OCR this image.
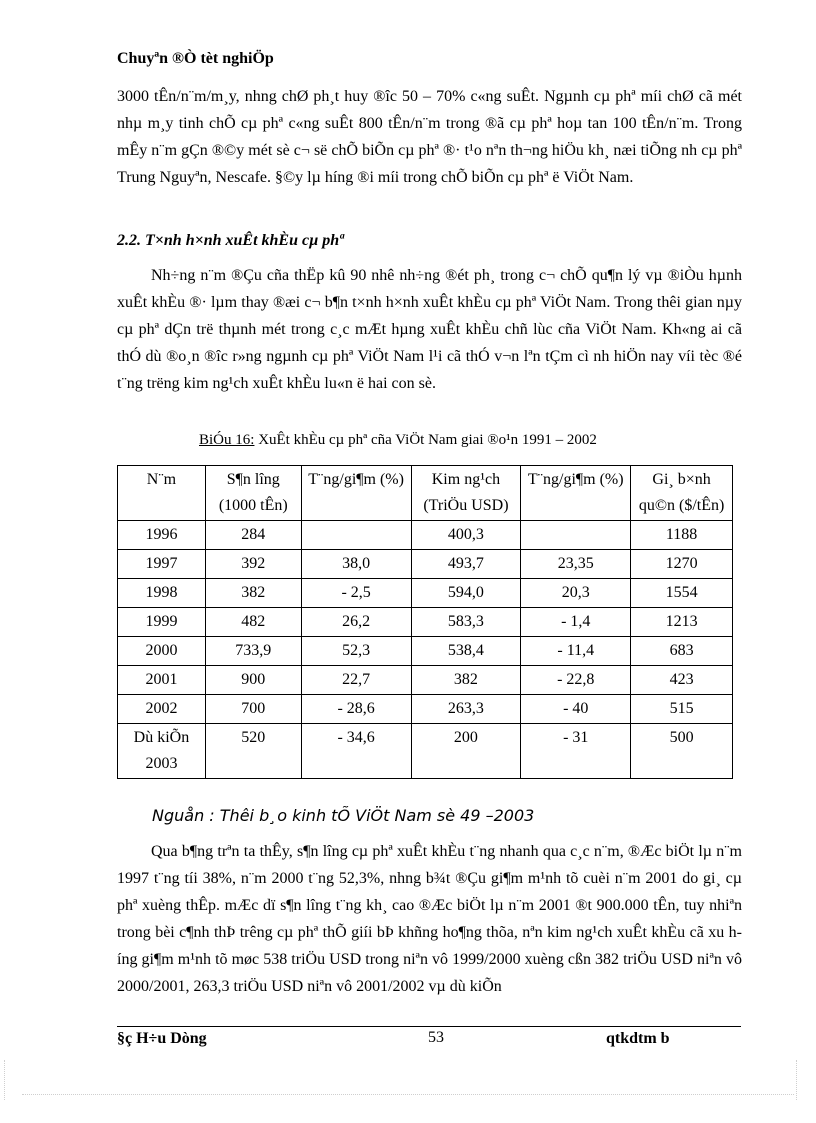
Chuyªn ®Ò tèt nghiÖp
3000 tÊn/n¨m/m¸y, nhng chØ ph¸t huy ®îc 50 – 70% c«ng suÊt. Ngµnh cµ phª míi chØ cã mét nhµ m¸y tinh chÕ cµ phª c«ng suÊt 800 tÊn/n¨m trong ®ã cµ phª hoµ tan 100 tÊn/n¨m. Trong mÊy n¨m gÇn ®©y mét sè c¬ së chÕ biÕn cµ phª ®· t¹o nªn th¬ng hiÖu kh¸ næi tiÕng nh cµ phª Trung Nguyªn, Nescafe. §©y lµ híng ®i míi trong chÕ biÕn cµ phª ë ViÖt Nam.
2.2. T×nh h×nh xuÊt khÈu cµ phª
Nh÷ng n¨m ®Çu cña thËp kû 90 nhê nh÷ng ®ét ph¸ trong c¬ chÕ qu¶n lý vµ ®iÒu hµnh xuÊt khÈu ®· lµm thay ®æi c¬ b¶n t×nh h×nh xuÊt khÈu cµ phª ViÖt Nam. Trong thêi gian nµy cµ phª dÇn trë thµnh mét trong c¸c mÆt hµng xuÊt khÈu chñ lùc cña ViÖt Nam. Kh«ng ai cã thÓ dù ®o¸n ®îc r»ng ngµnh cµ phª ViÖt Nam l¹i cã thÓ v¬n lªn tÇm cì nh hiÖn nay víi tèc ®é t¨ng trëng kim ng¹ch xuÊt khÈu lu«n ë hai con sè.
BiÓu 16: XuÊt khÈu cµ phª cña ViÖt Nam giai ®o¹n 1991 – 2002
N¨m	S¶n lîng (1000 tÊn)	T¨ng/gi¶m (%)	Kim ng¹ch (TriÖu USD)	T¨ng/gi¶m (%)	Gi¸ b×nh qu©n ($/tÊn)
1996	284		400,3		1188
1997	392	38,0	493,7	23,35	1270
1998	382	- 2,5	594,0	20,3	1554
1999	482	26,2	583,3	- 1,4	1213
2000	733,9	52,3	538,4	- 11,4	683
2001	900	22,7	382	- 22,8	423
2002	700	- 28,6	263,3	- 40	515
Dù kiÕn 2003	520	- 34,6	200	- 31	500
Nguån : Thêi b¸o kinh tÕ ViÖt Nam sè 49 –2003
Qua b¶ng trªn ta thÊy, s¶n lîng cµ phª xuÊt khÈu t¨ng nhanh qua c¸c n¨m, ®Æc biÖt lµ n¨m 1997 t¨ng tíi 38%, n¨m 2000 t¨ng 52,3%, nhng b¾t ®Çu gi¶m m¹nh tõ cuèi n¨m 2001 do gi¸ cµ phª xuèng thÊp. mÆc dï s¶n lîng t¨ng kh¸ cao ®Æc biÖt lµ n¨m 2001 ®t 900.000 tÊn, tuy nhiªn trong bèi c¶nh thÞ trêng cµ phª thÕ giíi bÞ khñng ho¶ng thõa, nªn kim ng¹ch xuÊt khÈu cã xu híng gi¶m m¹nh tõ møc 538 triÖu USD trong niªn vô 1999/2000 xuèng cßn 382 triÖu USD niªn vô 2000/2001, 263,3 triÖu USD niªn vô 2001/2002 vµ dù kiÕn
§ç H÷u Dòng	53	qtkdtm b
